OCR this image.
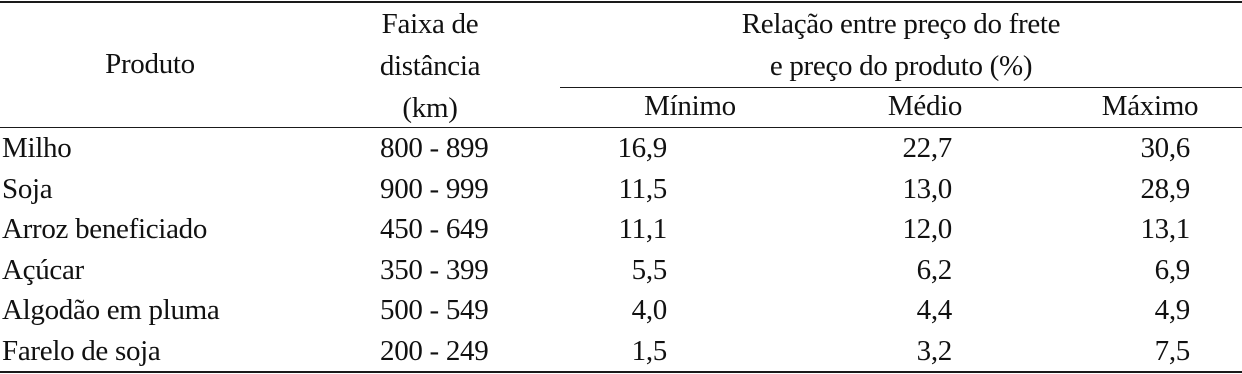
Produto
Faixa de
distância
(km)
Relação entre preço do frete
e preço do produto (%)
Mínimo	Médio	Máximo
Milho	800 - 899	16,9	22,7	30,6
Soja	900 - 999	11,5	13,0	28,9
Arroz beneficiado	450 - 649	11,1	12,0	13,1
Açúcar	350 - 399	5,5	6,2	6,9
Algodão em pluma	500 - 549	4,0	4,4	4,9
Farelo de soja	200 - 249	1,5	3,2	7,5
